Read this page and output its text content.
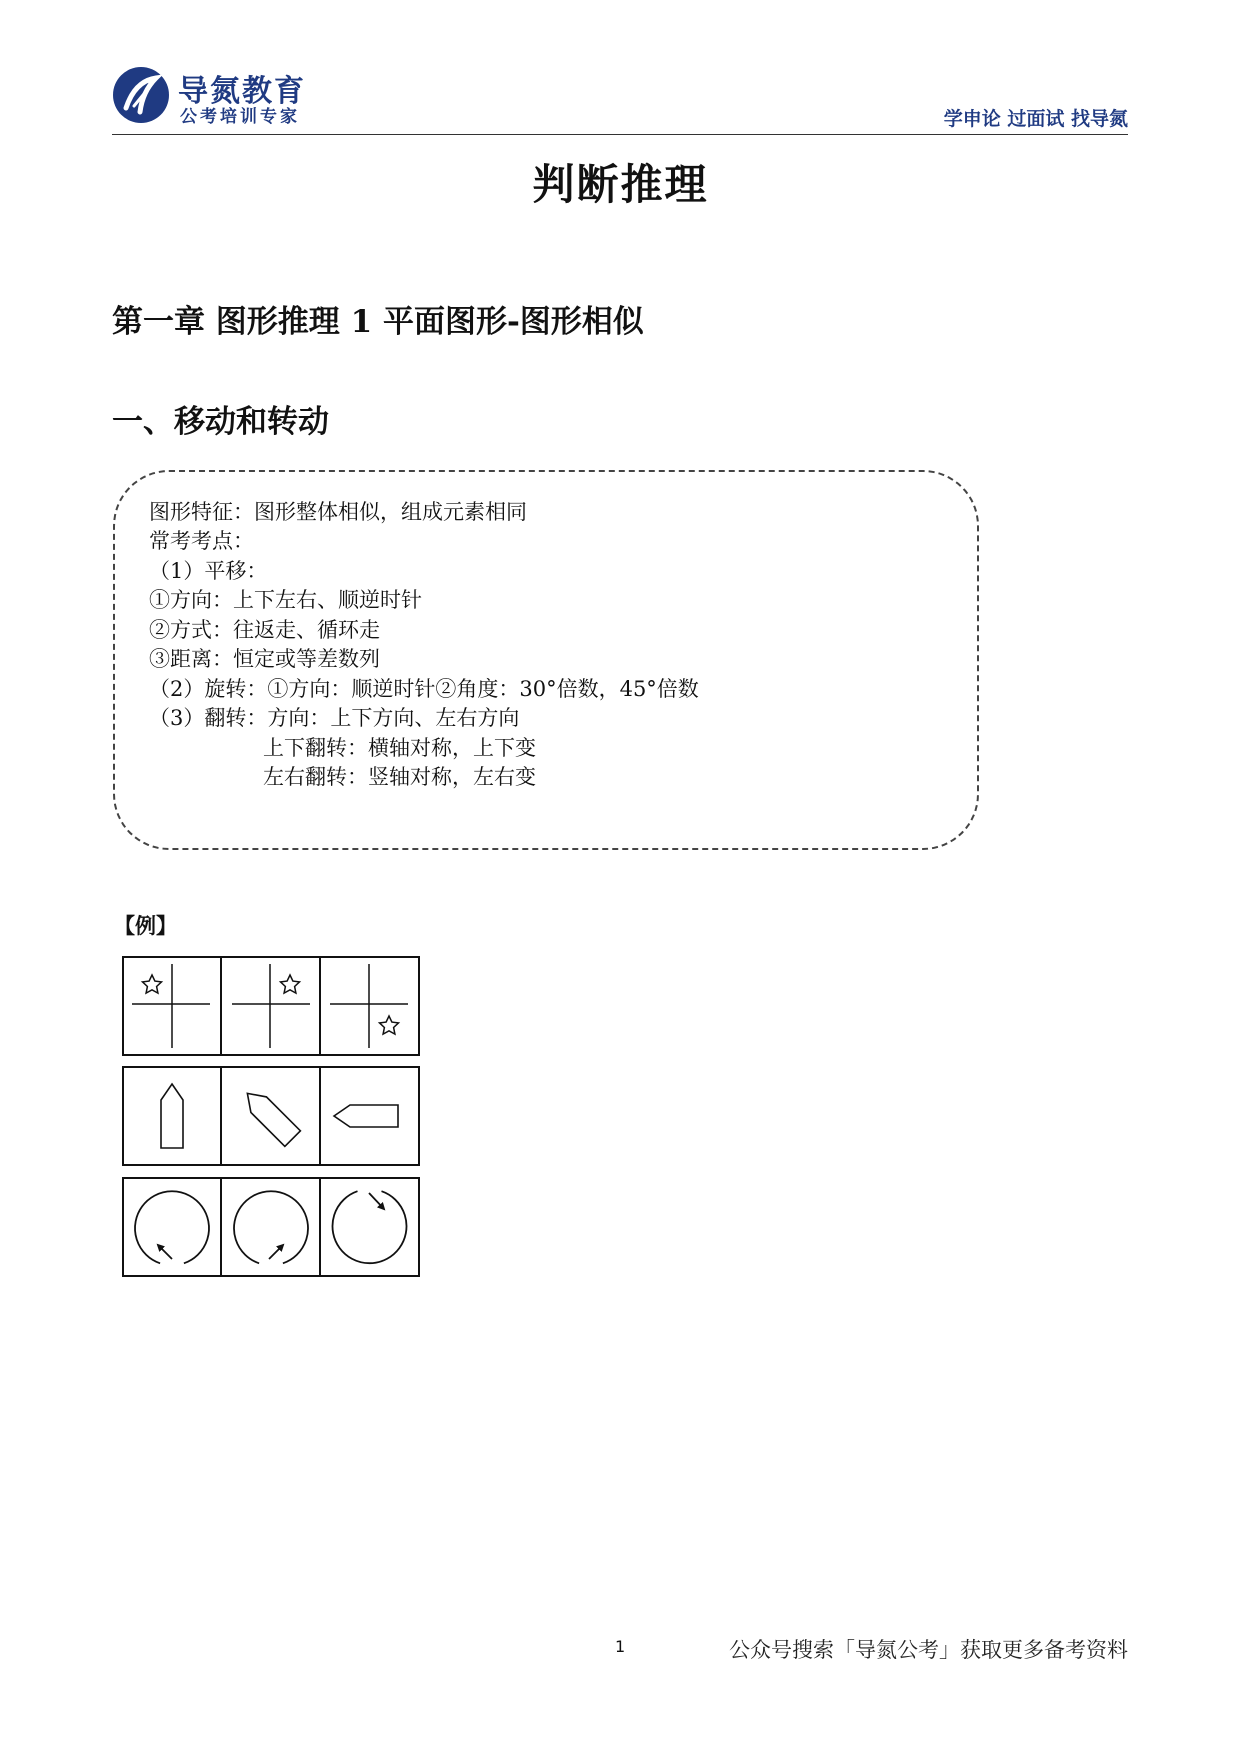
导氮教育
公考培训专家	学申论 过面试 找导氮
判断推理
第一章 图形推理 1 平面图形-图形相似
一、移动和转动
图形特征：图形整体相似，组成元素相同
常考考点：
（1）平移：
①方向：上下左右、顺逆时针
②方式：往返走、循环走
③距离：恒定或等差数列
（2）旋转：①方向：顺逆时针②角度：30°倍数，45°倍数
（3）翻转：方向：上下方向、左右方向
上下翻转：横轴对称，上下变
左右翻转：竖轴对称，左右变
【例】
1	公众号搜索「导氮公考」获取更多备考资料
